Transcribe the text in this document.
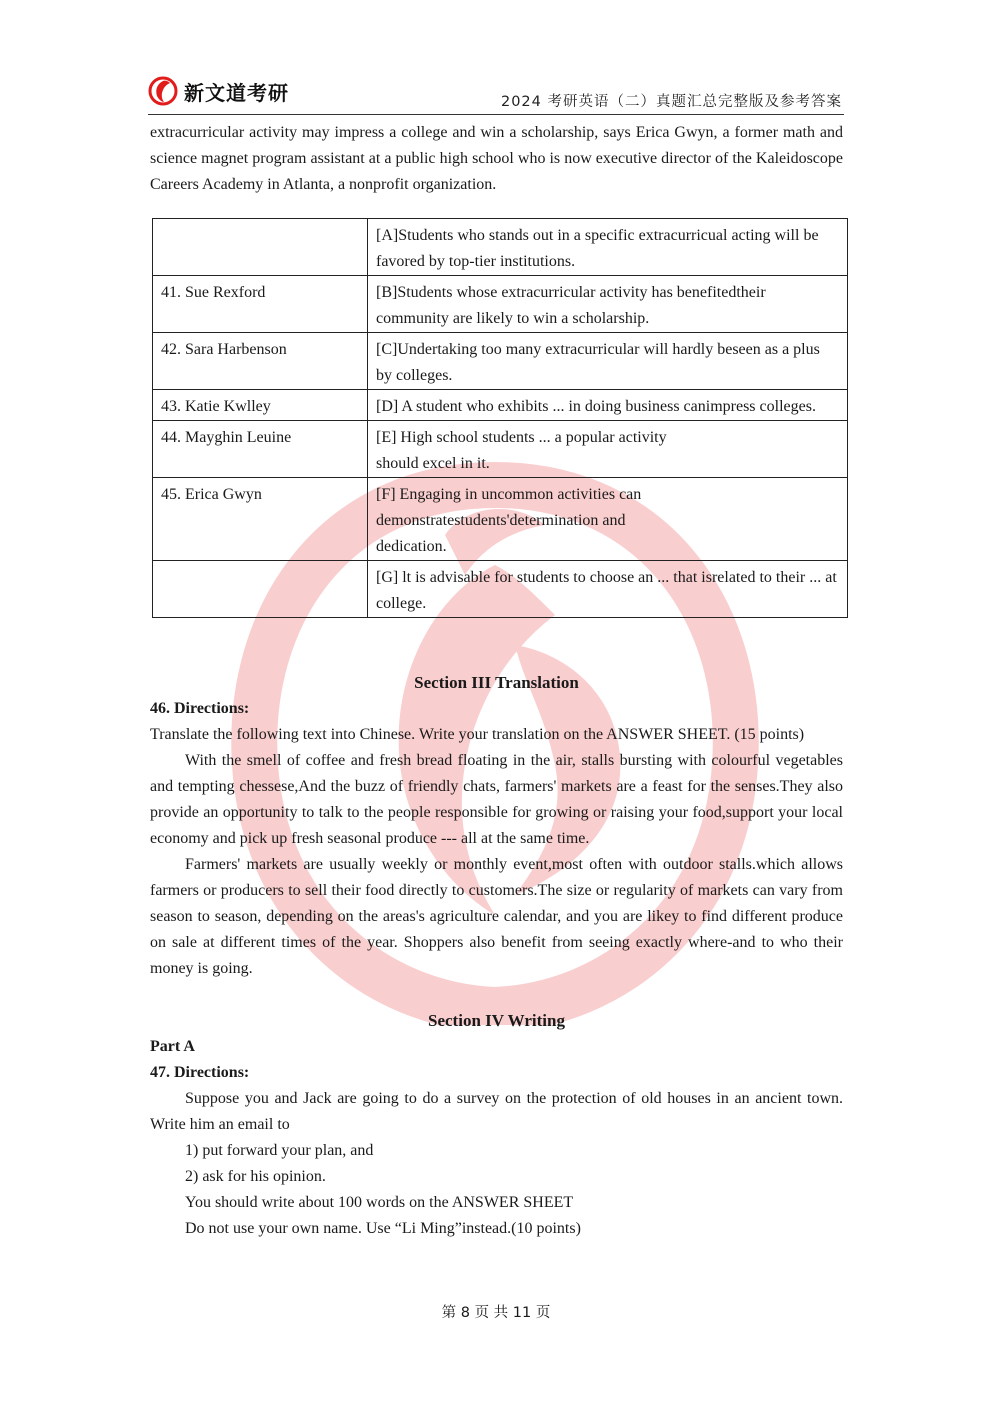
新文道考研	2024 考研英语（二）真题汇总完整版及参考答案

extracurricular activity may impress a college and win a scholarship, says Erica Gwyn, a former math and science magnet program assistant at a public high school who is now executive director of the Kaleidoscope Careers Academy in Atlanta, a nonprofit organization.

	[A]Students who stands out in a specific extracurricual acting will be favored by top-tier institutions.
41. Sue Rexford	[B]Students whose extracurricular activity has benefitedtheir community are likely to win a scholarship.
42. Sara Harbenson	[C]Undertaking too many extracurricular will hardly beseen as a plus by colleges.
43. Katie Kwlley	[D] A student who exhibits ... in doing business canimpress colleges.
44. Mayghin Leuine	[E] High school students ... a popular activity should excel in it.
45. Erica Gwyn	[F] Engaging in uncommon activities can demonstratestudents'determination and dedication.
	[G] lt is advisable for students to choose an ... that isrelated to their ... at college.
Section III Translation

46. Directions:

Translate the following text into Chinese. Write your translation on the ANSWER SHEET. (15 points)

With the smell of coffee and fresh bread floating in the air, stalls bursting with colourful vegetables and tempting chessese,And the buzz of friendly chats, farmers' markets are a feast for the senses.They also provide an opportunity to talk to the people responsible for growing or raising your food,support your local economy and pick up fresh seasonal produce --- all at the same time.

Farmers' markets are usually weekly or monthly event,most often with outdoor stalls.which allows farmers or producers to sell their food directly to customers.The size or regularity of markets can vary from season to season, depending on the areas's agriculture calendar, and you are likey to find different produce on sale at different times of the year. Shoppers also benefit from seeing exactly where-and to who their money is going.

Section IV Writing

Part A

47. Directions:

Suppose you and Jack are going to do a survey on the protection of old houses in an ancient town. Write him an email to

1) put forward your plan, and

2) ask for his opinion.

You should write about 100 words on the ANSWER SHEET

Do not use your own name. Use “Li Ming”instead.(10 points)

第 8 页 共 11 页
